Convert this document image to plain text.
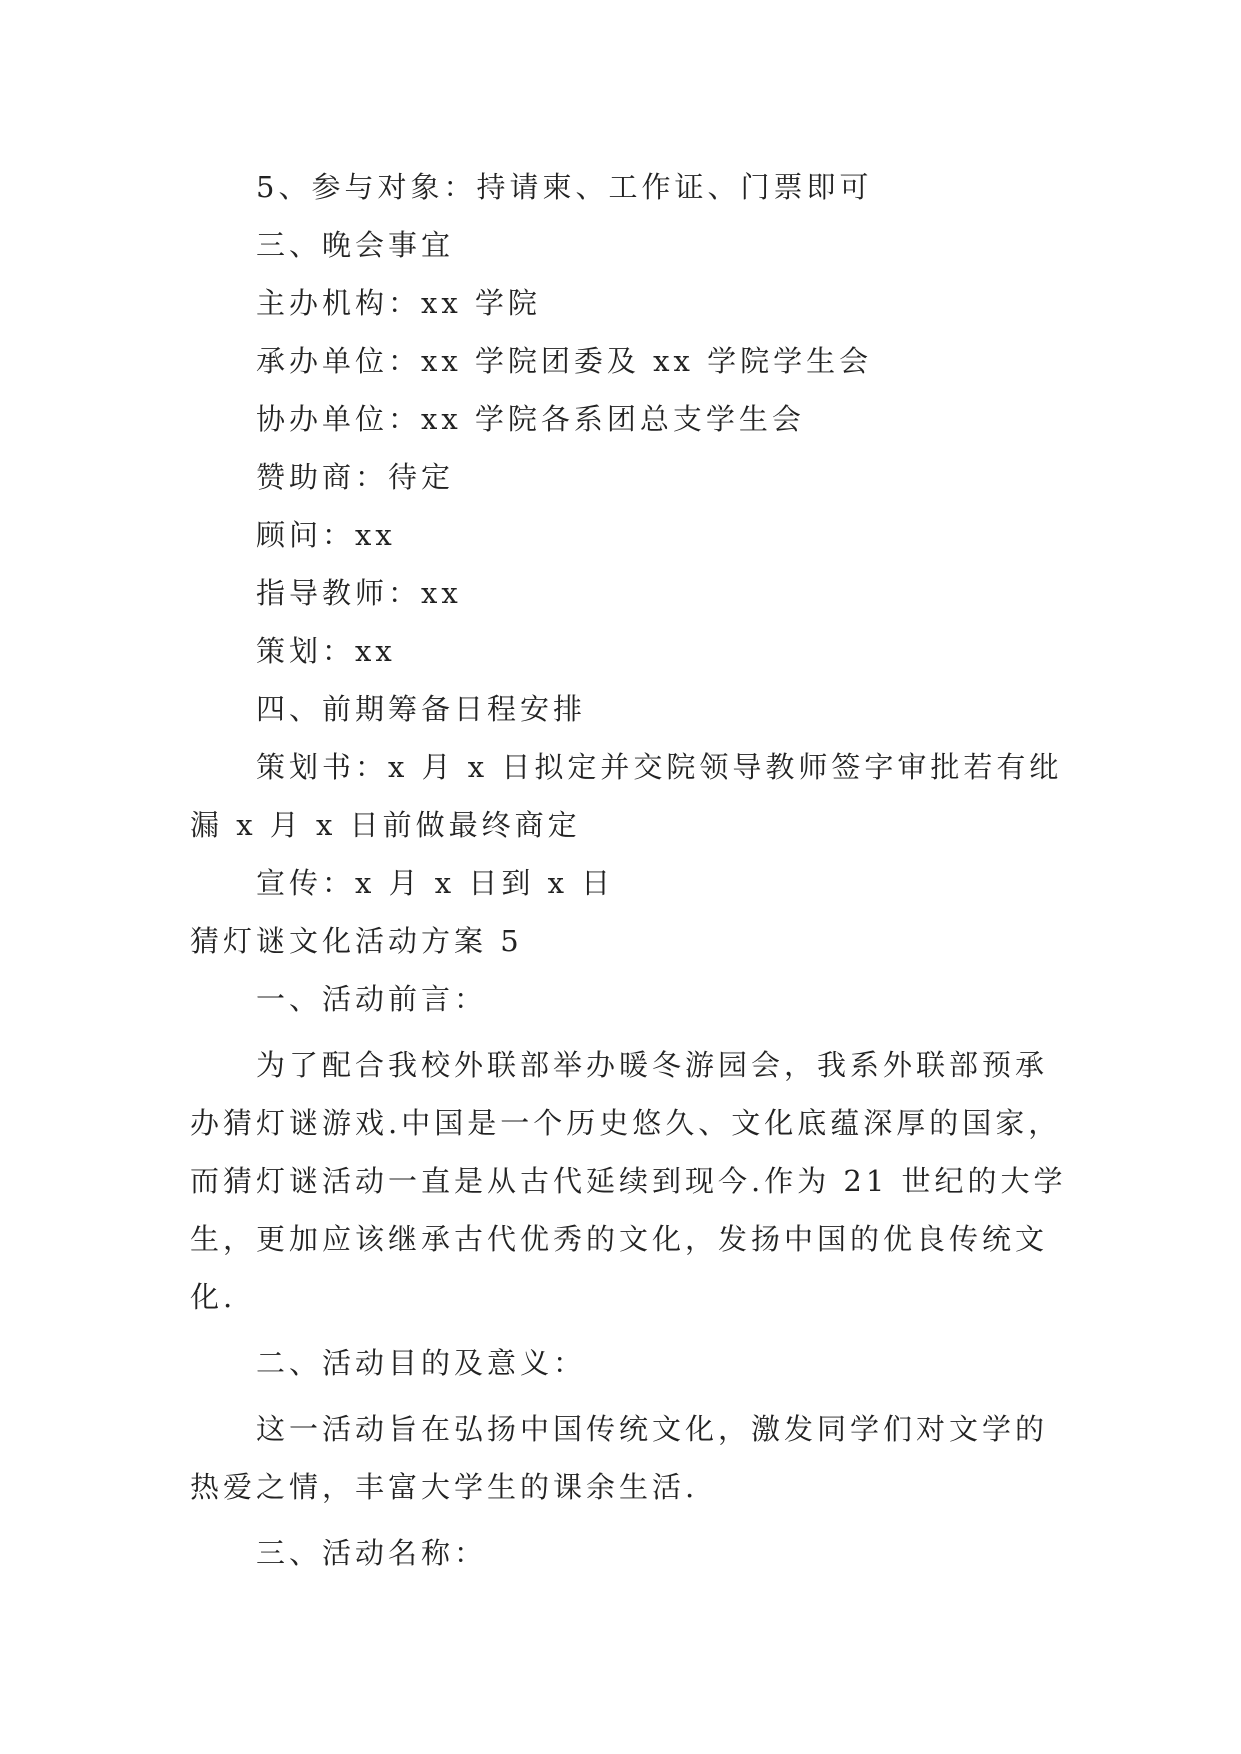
5、参与对象：持请柬、工作证、门票即可
三、晚会事宜
主办机构：xx 学院
承办单位：xx 学院团委及 xx 学院学生会
协办单位：xx 学院各系团总支学生会
赞助商：待定
顾问：xx
指导教师：xx
策划：xx
四、前期筹备日程安排
策划书：x 月 x 日拟定并交院领导教师签字审批若有纰
漏 x 月 x 日前做最终商定
宣传：x 月 x 日到 x 日
猜灯谜文化活动方案 5
一、活动前言：
为了配合我校外联部举办暖冬游园会，我系外联部预承
办猜灯谜游戏.中国是一个历史悠久、文化底蕴深厚的国家，
而猜灯谜活动一直是从古代延续到现今.作为 21 世纪的大学
生，更加应该继承古代优秀的文化，发扬中国的优良传统文
化.
二、活动目的及意义：
这一活动旨在弘扬中国传统文化，激发同学们对文学的
热爱之情，丰富大学生的课余生活.
三、活动名称：
